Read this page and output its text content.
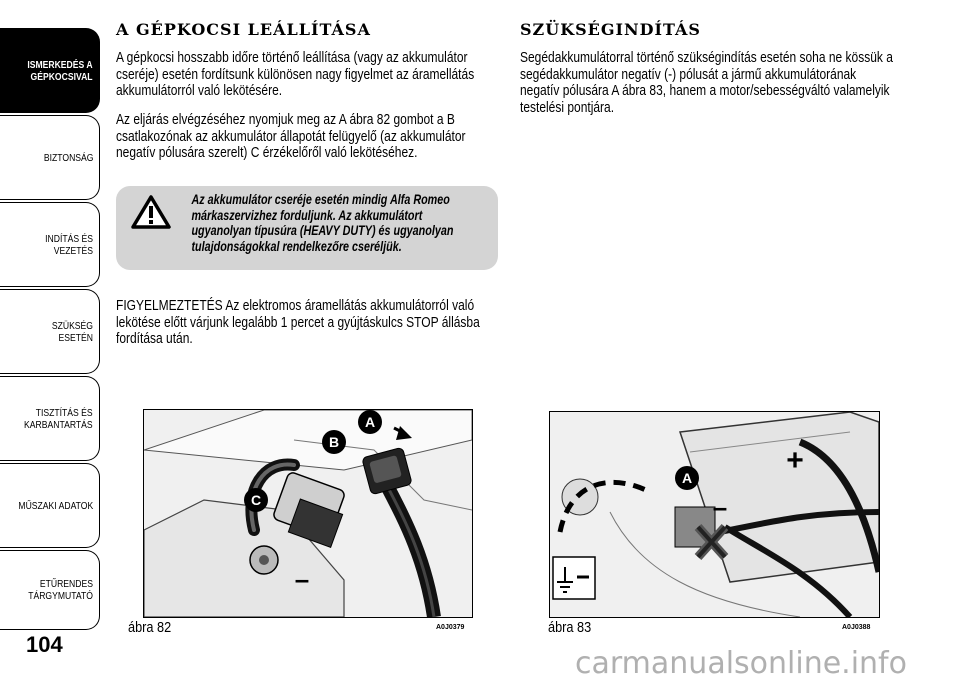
ISMERKEDÉS A
GÉPKOCSIVAL
BIZTONSÁG
INDÍTÁS ÉS VEZETÉS
SZÜKSÉG ESETÉN
TISZTÍTÁS ÉS
KARBANTARTÁS
MŰSZAKI ADATOK
ETŰRENDES
TÁRGYMUTATÓ
104
A GÉPKOCSI LEÁLLÍTÁSA

A gépkocsi hosszabb időre történő leállítása (vagy az akkumulátor cseréje) esetén fordítsunk különösen nagy figyelmet az áramellátás akkumulátorról való lekötésére.

Az eljárás elvégzéséhez nyomjuk meg az A ábra 82 gombot a B csatlakozónak az akkumulátor állapotát felügyelő (az akkumulátor negatív pólusára szerelt) C érzékelőről való lekötéséhez.

Az akkumulátor cseréje esetén mindig Alfa Romeo
márkaszervizhez forduljunk. Az akkumulátort ugyanolyan típusúra (HEAVY DUTY) és ugyanolyan tulajdonságokkal rendelkezőre cseréljük.

FIGYELMEZTETÉS Az elektromos áramellátás akkumulátorról való lekötése előtt várjunk legalább 1 percet a gyújtáskulcs STOP állásba fordítása után.

SZÜKSÉGINDÍTÁS

Segédakkumulátorral történő szükségindítás esetén soha ne kössük a segédakkumulátor negatív (-) pólusát a jármű akkumulátorának negatív pólusára A ábra 83, hanem a motor/sebességváltó valamelyik testelési pontjára.

A
B
C
–
ábra 82	A0J0379
A
+
–
ábra 83	A0J0388
carmanualsonline.info
